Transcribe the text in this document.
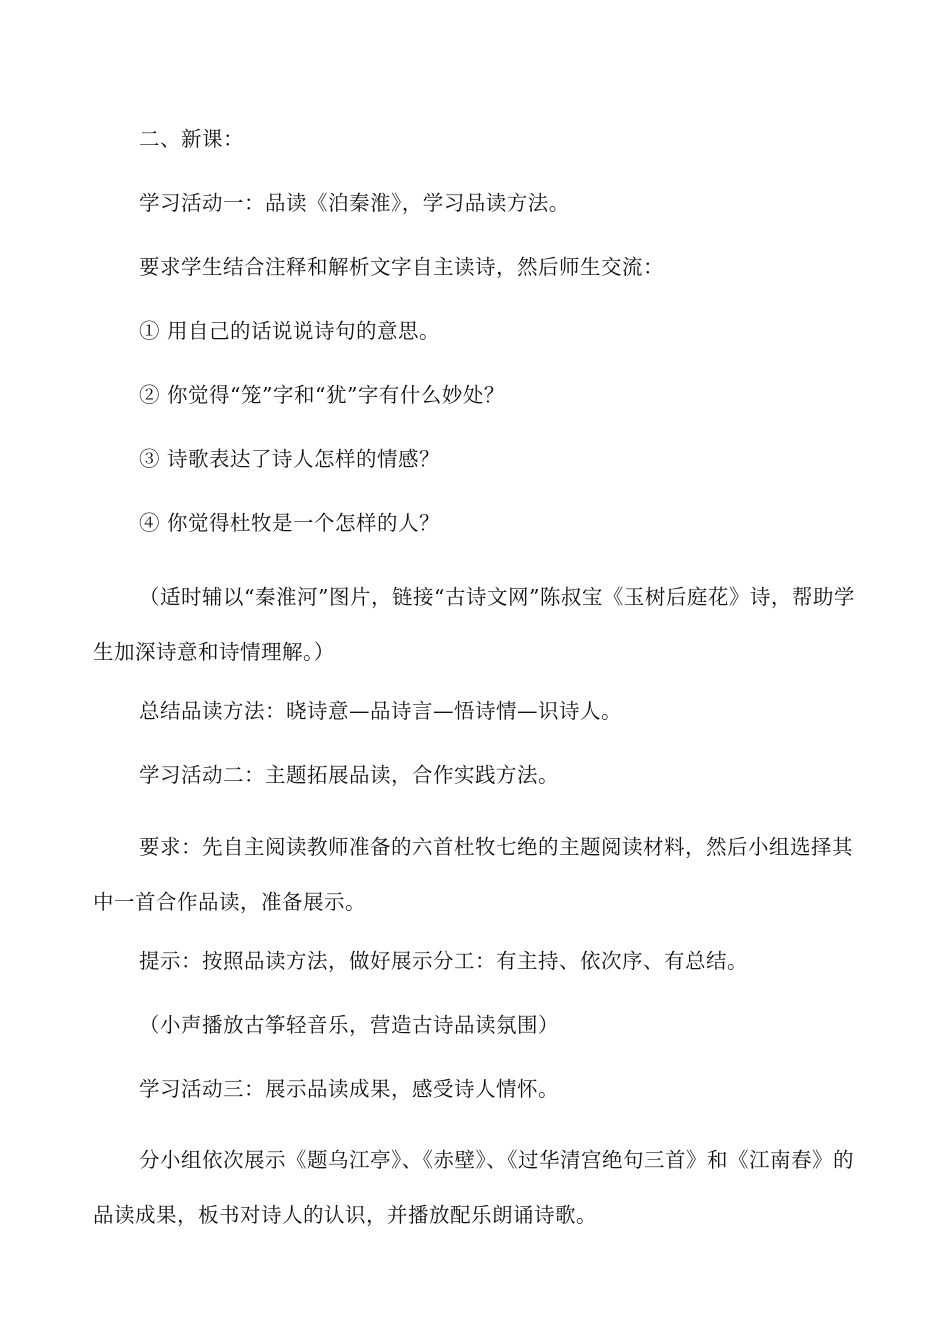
二、新课：

学习活动一：品读《泊秦淮》，学习品读方法。

要求学生结合注释和解析文字自主读诗，然后师生交流：

① 用自己的话说说诗句的意思。

② 你觉得“笼”字和“犹”字有什么妙处？

③ 诗歌表达了诗人怎样的情感？

④ 你觉得杜牧是一个怎样的人？

（适时辅以“秦淮河”图片，链接“古诗文网”陈叔宝《玉树后庭花》诗，帮助学生加深诗意和诗情理解。）

总结品读方法：晓诗意—品诗言—悟诗情—识诗人。

学习活动二：主题拓展品读，合作实践方法。

要求：先自主阅读教师准备的六首杜牧七绝的主题阅读材料，然后小组选择其中一首合作品读，准备展示。

提示：按照品读方法，做好展示分工：有主持、依次序、有总结。

（小声播放古筝轻音乐，营造古诗品读氛围）

学习活动三：展示品读成果，感受诗人情怀。

分小组依次展示《题乌江亭》、《赤壁》、《过华清宫绝句三首》和《江南春》的品读成果，板书对诗人的认识，并播放配乐朗诵诗歌。
